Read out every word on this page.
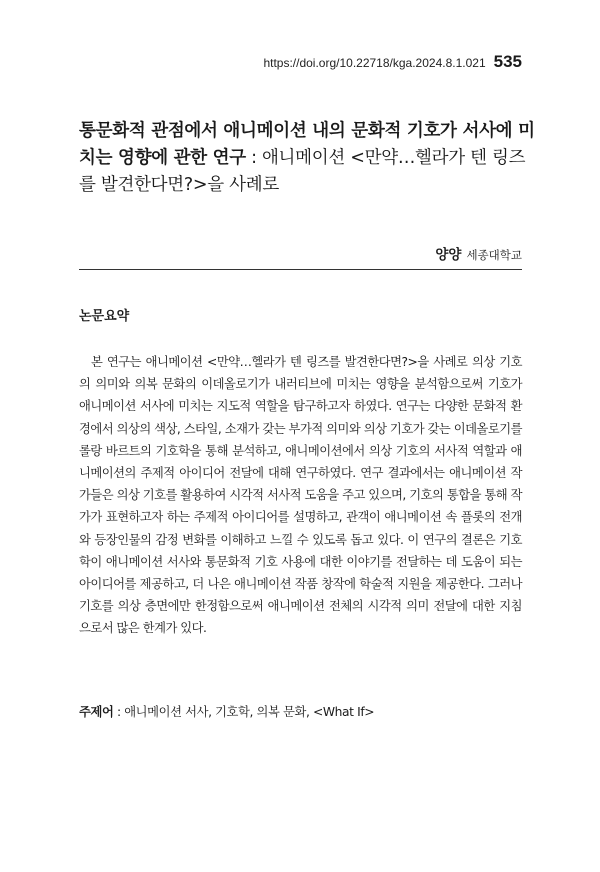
https://doi.org/10.22718/kga.2024.8.1.021 535
통문화적 관점에서 애니메이션 내의 문화적 기호가 서사에 미치는 영향에 관한 연구 : 애니메이션 <만약…헬라가 텐 링즈를 발견한다면?>을 사례로
양양 세종대학교
논문요약

본 연구는 애니메이션 <만약…헬라가 텐 링즈를 발견한다면?>을 사례로 의상 기호의 의미와 의복 문화의 이데올로기가 내러티브에 미치는 영향을 분석함으로써 기호가 애니메이션 서사에 미치는 지도적 역할을 탐구하고자 하였다. 연구는 다양한 문화적 환경에서 의상의 색상, 스타일, 소재가 갖는 부가적 의미와 의상 기호가 갖는 이데올로기를 롤랑 바르트의 기호학을 통해 분석하고, 애니메이션에서 의상 기호의 서사적 역할과 애니메이션의 주제적 아이디어 전달에 대해 연구하였다. 연구 결과에서는 애니메이션 작가들은 의상 기호를 활용하여 시각적 서사적 도움을 주고 있으며, 기호의 통합을 통해 작가가 표현하고자 하는 주제적 아이디어를 설명하고, 관객이 애니메이션 속 플롯의 전개와 등장인물의 감정 변화를 이해하고 느낄 수 있도록 돕고 있다. 이 연구의 결론은 기호학이 애니메이션 서사와 통문화적 기호 사용에 대한 이야기를 전달하는 데 도움이 되는 아이디어를 제공하고, 더 나은 애니메이션 작품 창작에 학술적 지원을 제공한다. 그러나 기호를 의상 층면에만 한정함으로써 애니메이션 전체의 시각적 의미 전달에 대한 지침으로서 많은 한계가 있다.

주제어 : 애니메이션 서사, 기호학, 의복 문화, <What If>
